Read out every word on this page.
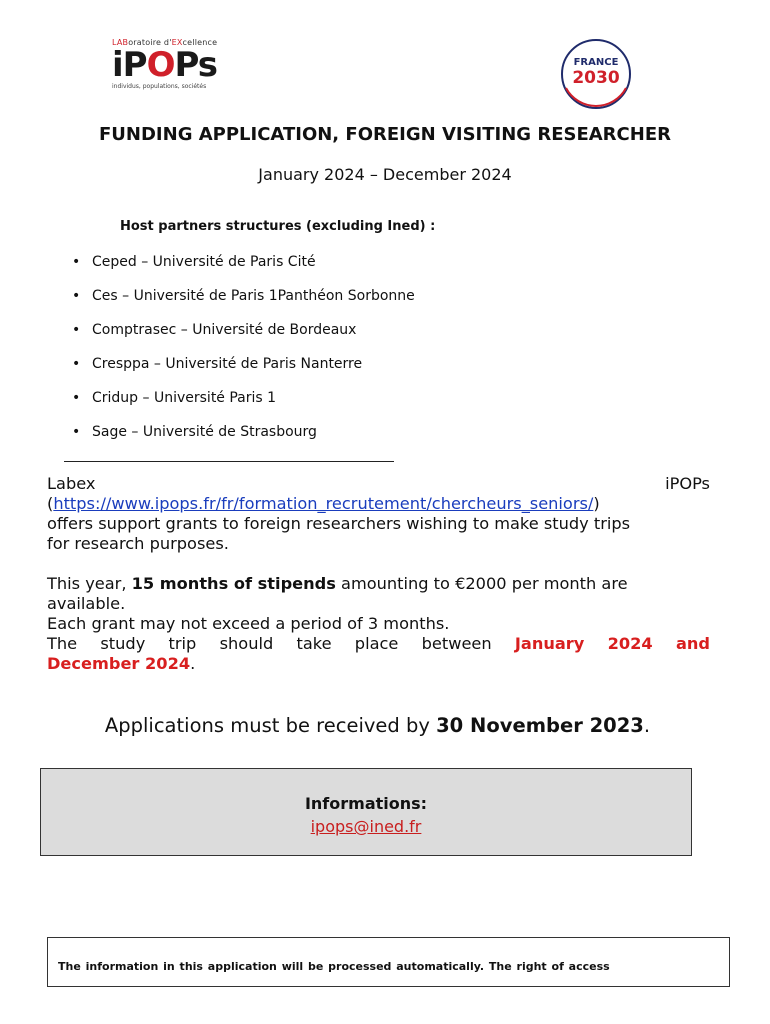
LABoratoire d'EXcellence
iPOPs
individus, populations, sociétés
FRANCE
2030
FUNDING APPLICATION, FOREIGN VISITING RESEARCHER
January 2024 – December 2024
Host partners structures (excluding Ined) :
• Ceped – Université de Paris Cité
• Ces – Université de Paris 1Panthéon Sorbonne
• Comptrasec – Université de Bordeaux
• Cresppa – Université de Paris Nanterre
• Cridup – Université Paris 1
• Sage – Université de Strasbourg
Labex	iPOPs
(https://www.ipops.fr/fr/formation_recrutement/chercheurs_seniors/)
offers support grants to foreign researchers wishing to make study trips
for research purposes.
This year, 15 months of stipends amounting to €2000 per month are
available.
Each grant may not exceed a period of 3 months.
The study trip should take place between January 2024 and
December 2024.
Applications must be received by 30 November 2023.
Informations:
ipops@ined.fr
The information in this application will be processed automatically. The right of access
